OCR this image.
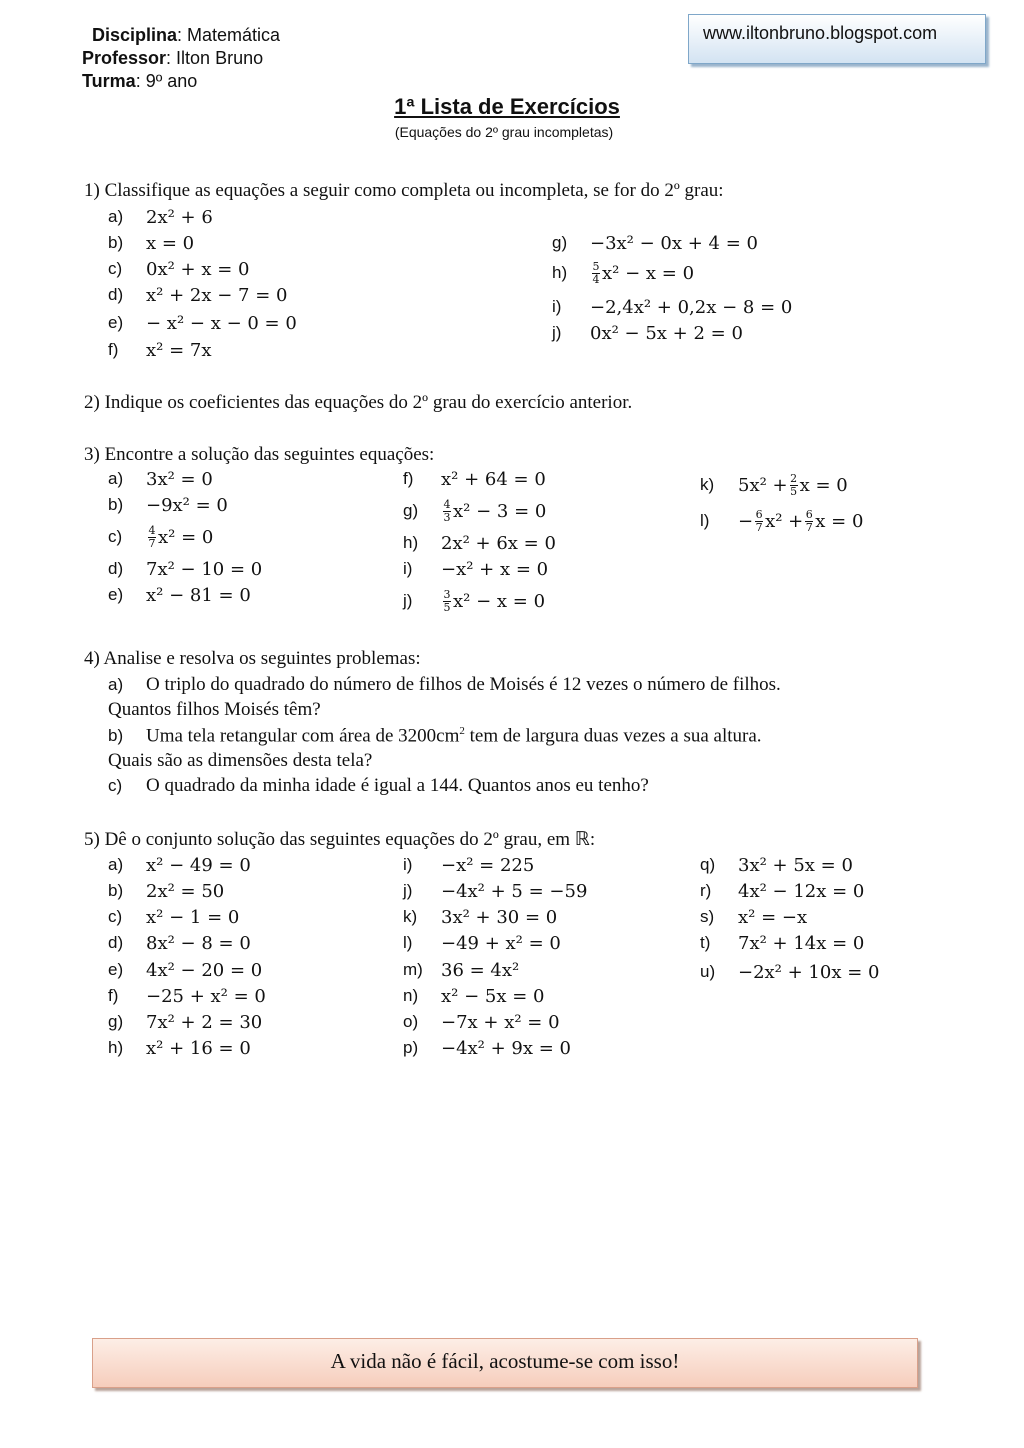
Disciplina: Matemática
Professor: Ilton Bruno
Turma: 9º ano
www.iltonbruno.blogspot.com
1ª Lista de Exercícios
(Equações do 2º grau incompletas)
1) Classifique as equações a seguir como completa ou incompleta, se for do 2º grau:
a)	2x² + 6
b)	x = 0
c)	0x² + x = 0
d)	x² + 2x − 7 = 0
e)	− x² − x − 0 = 0
f)	x² = 7x
g)	−3x² − 0x + 4 = 0
h)	$\frac{5}{4} x^2 - x = 0$
i)	−2,4x² + 0,2x − 8 = 0
j)	0x² − 5x + 2 = 0
2) Indique os coeficientes das equações do 2º grau do exercício anterior.
3) Encontre a solução das seguintes equações:
a)	3x² = 0
b)	−9x² = 0
c)	$\frac{4}{7} x^2 = 0$
d)	7x² − 10 = 0
e)	x² − 81 = 0
f)	x² + 64 = 0
g)	$\frac{4}{3} x^2 - 3 = 0$
h)	2x² + 6x = 0
i)	−x² + x = 0
j)	$\frac{3}{5} x^2 - x = 0$
k)	$5x^2 + \frac{2}{5}$ x = 0
l)	− $\frac{6}{7} x^2 + \frac{6}{7}$ x = 0
4) Analise e resolva os seguintes problemas:
a) O triplo do quadrado do número de filhos de Moisés é 12 vezes o número de filhos.
Quantos filhos Moisés têm?
b) Uma tela retangular com área de $3200cm^2$ tem de largura duas vezes a sua altura.
Quais são as dimensões desta tela?
c) O quadrado da minha idade é igual a 144. Quantos anos eu tenho?
5) Dê o conjunto solução das seguintes equações do 2º grau, em ℝ:
a)	x² − 49 = 0
b)	2x² = 50
c)	x² − 1 = 0
d)	8x² − 8 = 0
e)	4x² − 20 = 0
f)	−25 + x² = 0
g)	7x² + 2 = 30
h)	x² + 16 = 0
i)	−x² = 225
j)	−4x² + 5 = −59
k)	3x² + 30 = 0
l)	−49 + x² = 0
m)	36 = 4x²
n)	x² − 5x = 0
o)	−7x + x² = 0
p)	−4x² + 9x = 0
q)	3x² + 5x = 0
r)	4x² − 12x = 0
s)	x² = −x
t)	7x² + 14x = 0
u)	−2x² + 10x = 0
A vida não é fácil, acostume-se com isso!
